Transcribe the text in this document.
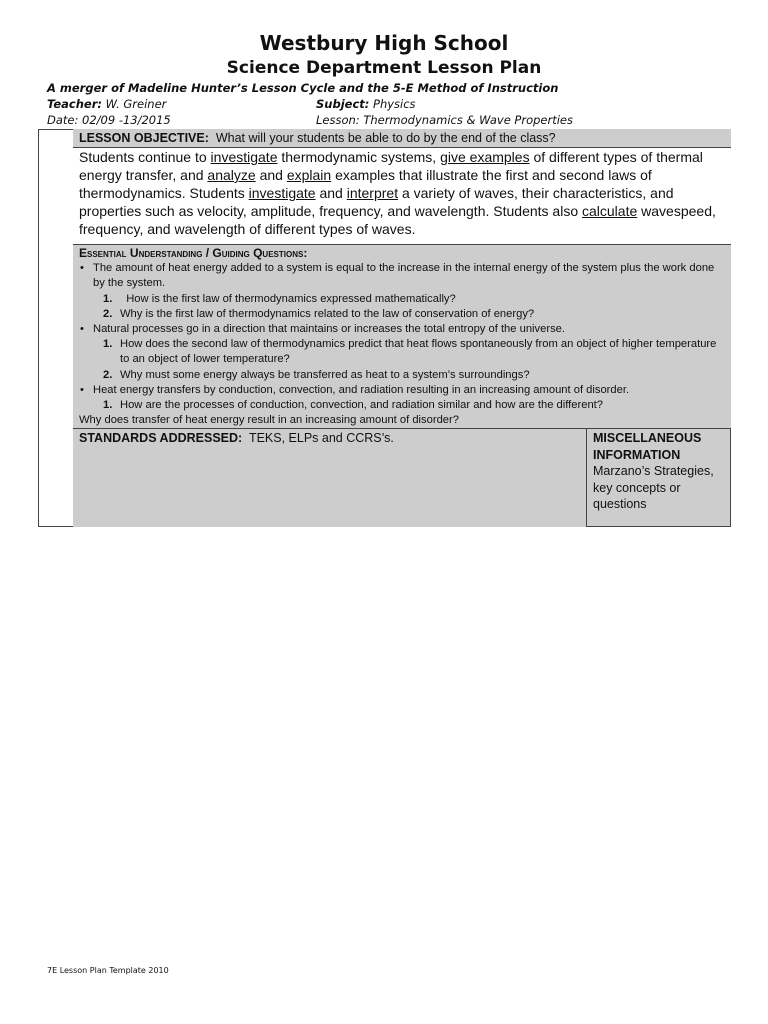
Westbury High School
Science Department Lesson Plan
A merger of Madeline Hunter’s Lesson Cycle and the 5-E Method of Instruction
Teacher: W. Greiner	Subject: Physics
Date: 02/09 -13/2015	Lesson: Thermodynamics & Wave Properties
LESSON OBJECTIVE: What will your students be able to do by the end of the class?
Students continue to investigate thermodynamic systems, give examples of different types of thermal energy transfer, and analyze and explain examples that illustrate the first and second laws of thermodynamics. Students investigate and interpret a variety of waves, their characteristics, and properties such as velocity, amplitude, frequency, and wavelength. Students also calculate wavespeed, frequency, and wavelength of different types of waves.
Essential Understanding / Guiding Questions:
• The amount of heat energy added to a system is equal to the increase in the internal energy of the system plus the work done by the system.
1. How is the first law of thermodynamics expressed mathematically?
2. Why is the first law of thermodynamics related to the law of conservation of energy?
• Natural processes go in a direction that maintains or increases the total entropy of the universe.
1. How does the second law of thermodynamics predict that heat flows spontaneously from an object of higher temperature to an object of lower temperature?
2. Why must some energy always be transferred as heat to a system’s surroundings?
• Heat energy transfers by conduction, convection, and radiation resulting in an increasing amount of disorder.
1. How are the processes of conduction, convection, and radiation similar and how are the different?
Why does transfer of heat energy result in an increasing amount of disorder?
STANDARDS ADDRESSED: TEKS, ELPs and CCRS’s.	MISCELLANEOUS INFORMATION
Marzano’s Strategies, key concepts or questions
7E Lesson Plan Template 2010
